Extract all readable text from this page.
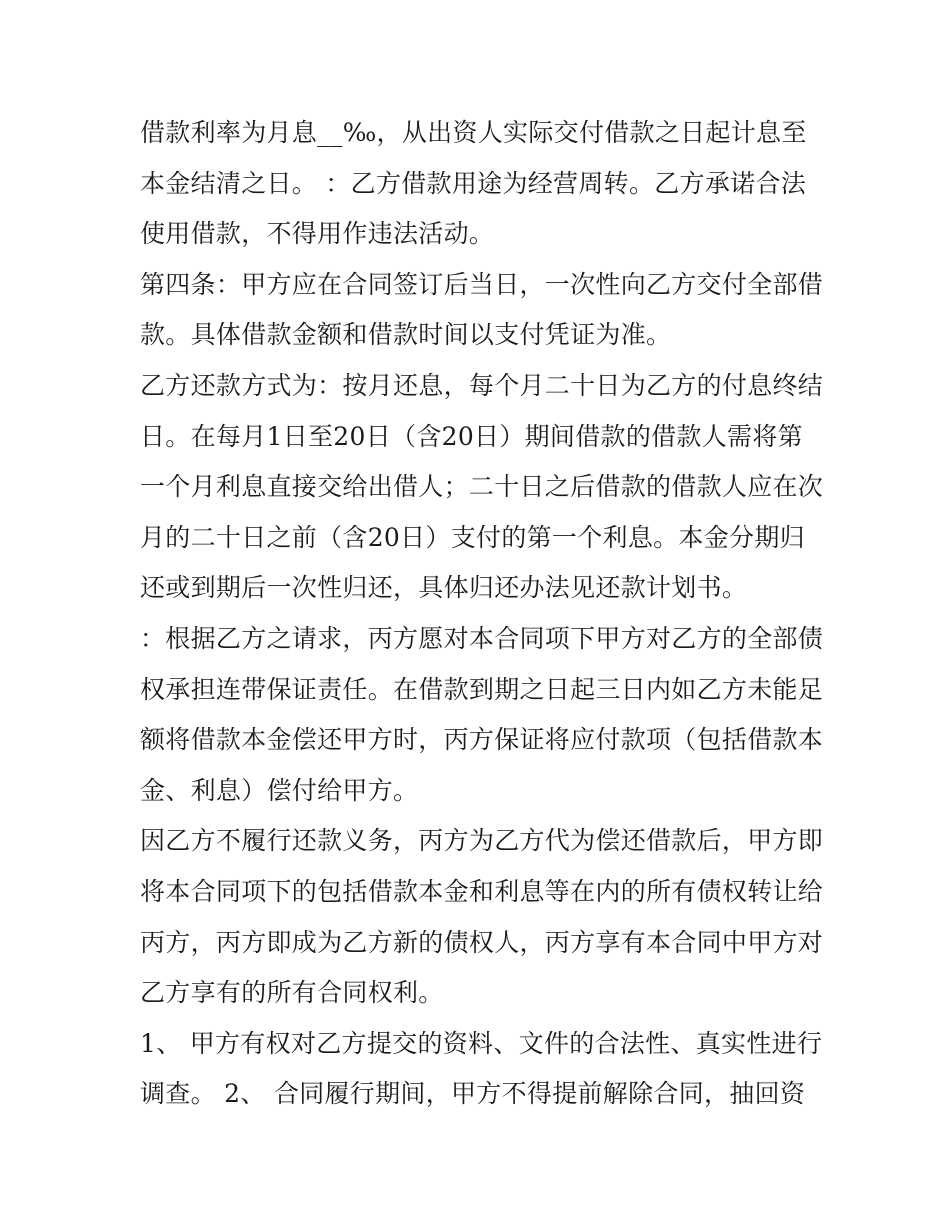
借款利率为月息__‰，从出资人实际交付借款之日起计息至
本金结清之日。 ：乙方借款用途为经营周转。乙方承诺合法
使用借款，不得用作违法活动。
第四条：甲方应在合同签订后当日，一次性向乙方交付全部借
款。具体借款金额和借款时间以支付凭证为准。
乙方还款方式为：按月还息，每个月二十日为乙方的付息终结
日。在每月1日至20日（含20日）期间借款的借款人需将第
一个月利息直接交给出借人；二十日之后借款的借款人应在次
月的二十日之前（含20日）支付的第一个利息。本金分期归
还或到期后一次性归还，具体归还办法见还款计划书。
：根据乙方之请求，丙方愿对本合同项下甲方对乙方的全部债
权承担连带保证责任。在借款到期之日起三日内如乙方未能足
额将借款本金偿还甲方时，丙方保证将应付款项（包括借款本
金、利息）偿付给甲方。
因乙方不履行还款义务，丙方为乙方代为偿还借款后，甲方即
将本合同项下的包括借款本金和利息等在内的所有债权转让给
丙方，丙方即成为乙方新的债权人，丙方享有本合同中甲方对
乙方享有的所有合同权利。
1、 甲方有权对乙方提交的资料、文件的合法性、真实性进行
调查。 2、 合同履行期间，甲方不得提前解除合同，抽回资
